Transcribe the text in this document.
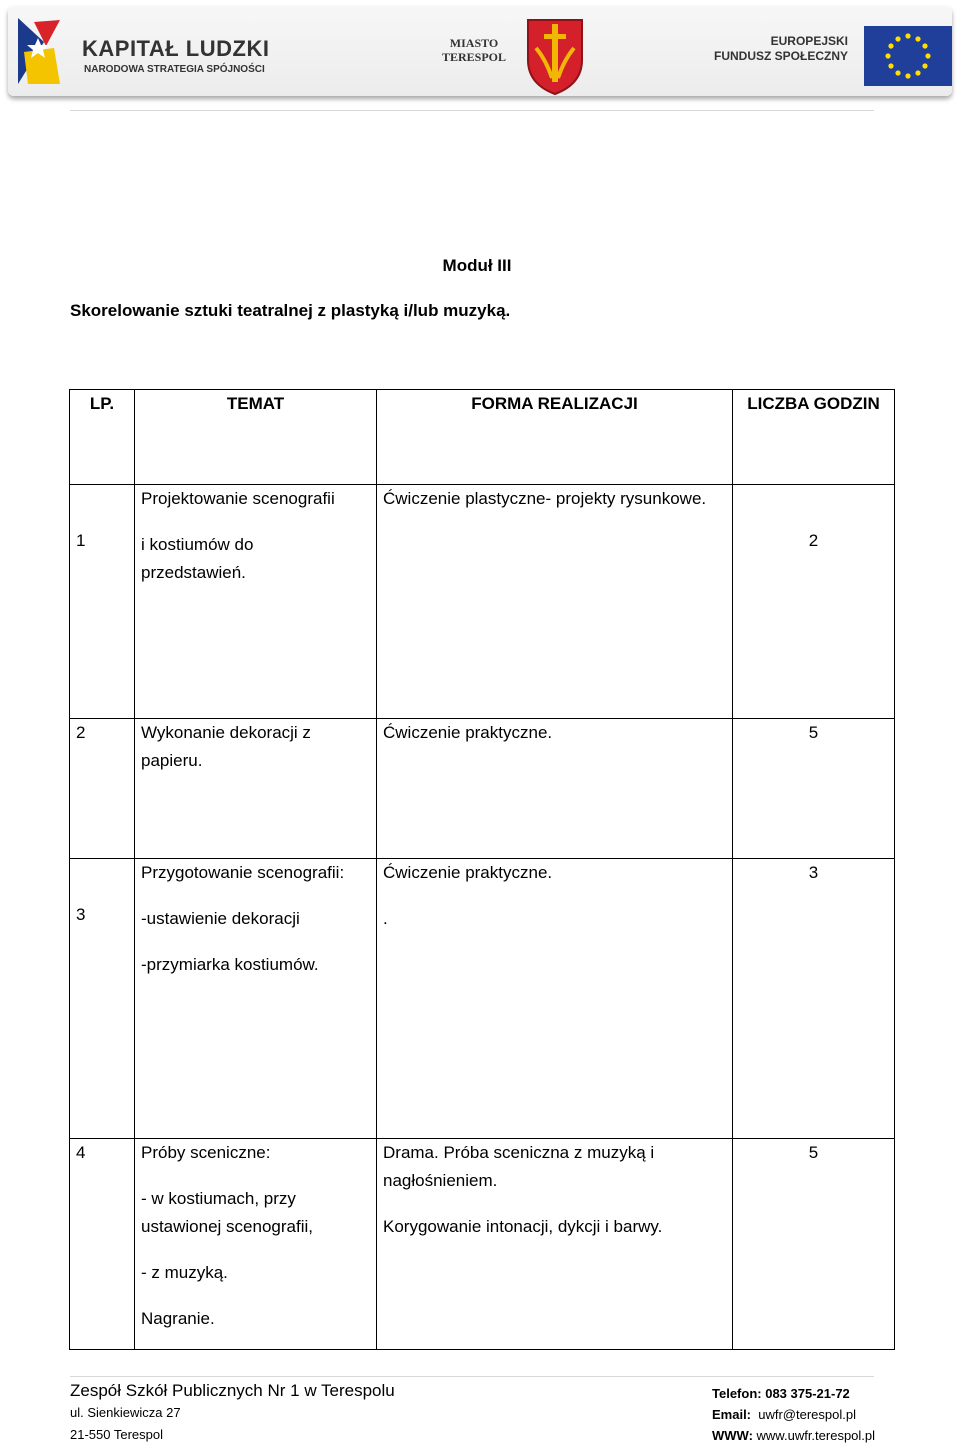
KAPITAŁ LUDZKI
NARODOWA STRATEGIA SPÓJNOŚCI
MIASTO
TERESPOL
EUROPEJSKI
FUNDUSZ SPOŁECZNY
Moduł III
Skorelowanie sztuki teatralnej z plastyką i/lub muzyką.
LP.	TEMAT	FORMA REALIZACJI	LICZBA GODZIN

1	Projektowanie scenografii
i kostiumów do
przedstawień.	Ćwiczenie plastyczne- projekty rysunkowe.	2

2	Wykonanie dekoracji z
papieru.	Ćwiczenie praktyczne.	5

3	Przygotowanie scenografii:
-ustawienie dekoracji
-przymiarka kostiumów.	Ćwiczenie praktyczne.
.	3

4	Próby sceniczne:
- w kostiumach, przy
ustawionej scenografii,
- z muzyką.
Nagranie.	Drama. Próba sceniczna z muzyką i
nagłośnieniem.
Korygowanie intonacji, dykcji i barwy.	5
Zespół Szkół Publicznych Nr 1 w Terespolu
ul. Sienkiewicza 27
21-550 Terespol
Telefon: 083 375-21-72
Email: uwfr@terespol.pl
WWW: www.uwfr.terespol.pl
